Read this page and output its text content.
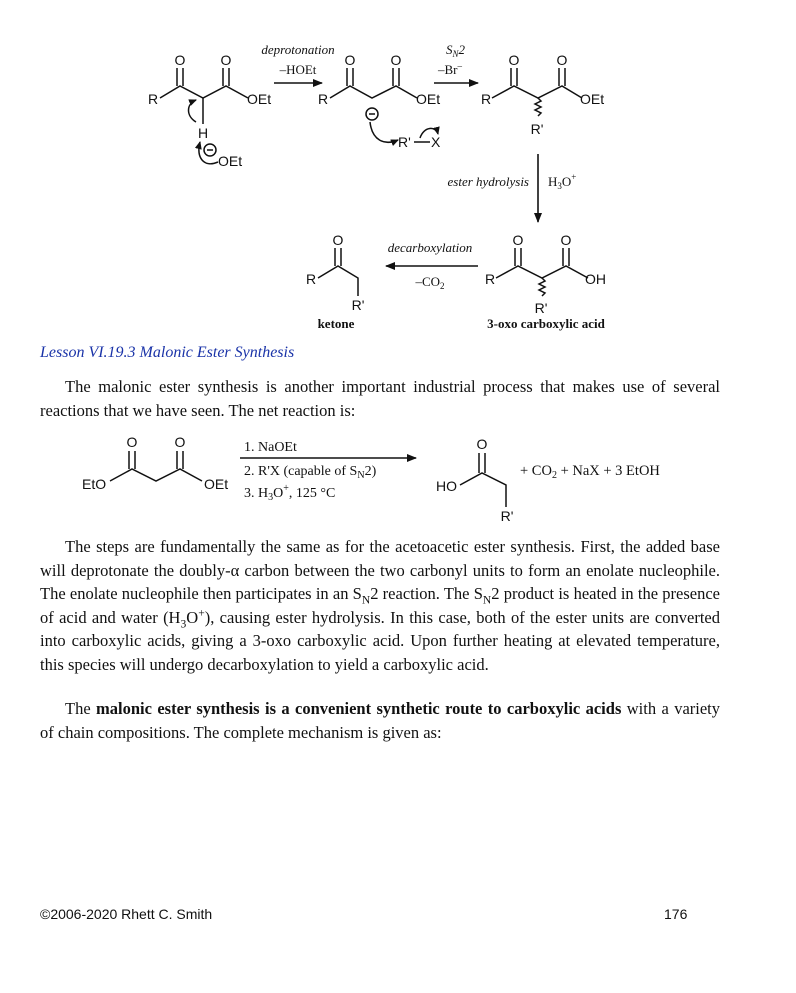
O	O
R	OEt
H
OEt
deprotonation
–HOEt
O	O
R	OEt
R' X
$S_N2$
–Br–	O	O
R	OEt
R'
ester hydrolysis $H_3O^+$
O	O
R	OH
R'
3-oxo carboxylic acid
decarboxylation
$-CO_2$
O
R
R'
ketone
Lesson VI.19.3 Malonic Ester Synthesis

The malonic ester synthesis is another important industrial process that makes use of several reactions that we have seen. The net reaction is:

O	O
EtO	OEt
1. NaOEt
2. R'X (capable of $S_N2$)
3. $H_3O^+$, 125 °C
O
HO
R'
+ $CO_2$ + NaX + 3 EtOH

The steps are fundamentally the same as for the acetoacetic ester synthesis. First, the added base will deprotonate the doubly-α carbon between the two carbonyl units to form an enolate nucleophile. The enolate nucleophile then participates in an $S_N2$ reaction. The $S_N2$ product is heated in the presence of acid and water $(H_3O^+)$, causing ester hydrolysis. In this case, both of the ester units are converted into carboxylic acids, giving a 3-oxo carboxylic acid. Upon further heating at elevated temperature, this species will undergo decarboxylation to yield a carboxylic acid.

The malonic ester synthesis is a convenient synthetic route to carboxylic acids with a variety of chain compositions. The complete mechanism is given as:

©2006-2020 Rhett C. Smith	176
